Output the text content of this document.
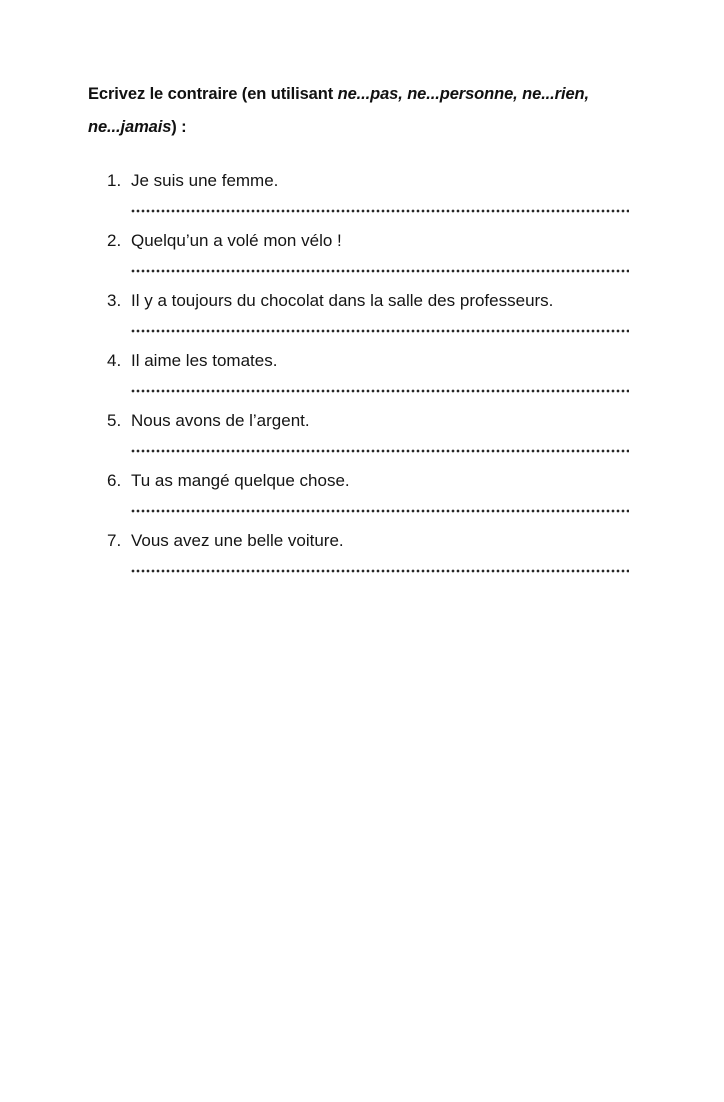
Ecrivez le contraire (en utilisant ne...pas, ne...personne, ne...rien,
ne...jamais) :

1. Je suis une femme.
2. Quelqu’un a volé mon vélo !
3. Il y a toujours du chocolat dans la salle des professeurs.
4. Il aime les tomates.
5. Nous avons de l’argent.
6. Tu as mangé quelque chose.
7. Vous avez une belle voiture.
